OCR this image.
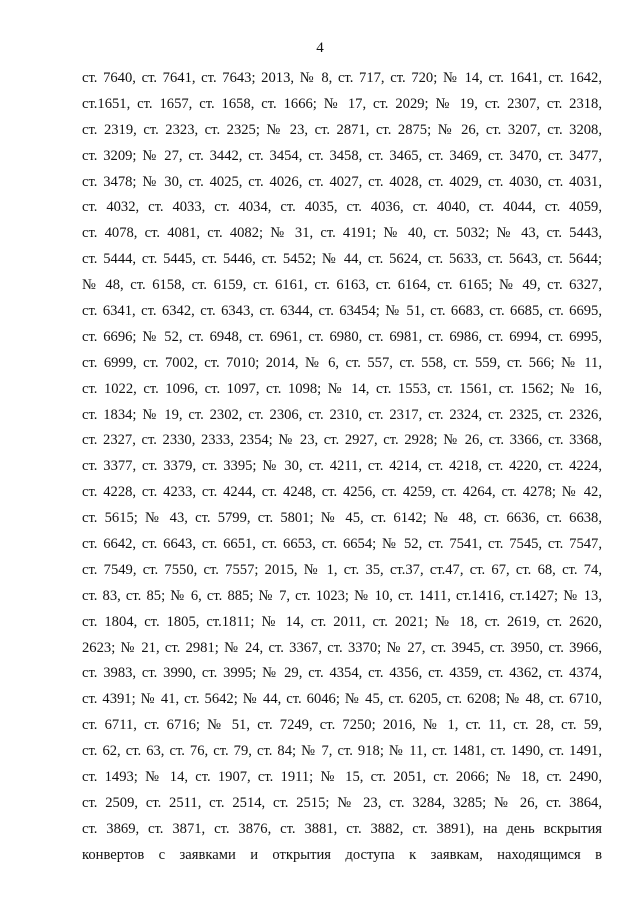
4
ст. 7640, ст. 7641, ст. 7643; 2013, № 8, ст. 717, ст. 720; № 14, ст. 1641, ст. 1642,
ст.1651, ст. 1657, ст. 1658, ст. 1666; № 17, ст. 2029; № 19, ст. 2307, ст. 2318,
ст. 2319, ст. 2323, ст. 2325; № 23, ст. 2871, ст. 2875; № 26, ст. 3207, ст. 3208,
ст. 3209; № 27, ст. 3442, ст. 3454, ст. 3458, ст. 3465, ст. 3469, ст. 3470, ст. 3477,
ст. 3478; № 30, ст. 4025, ст. 4026, ст. 4027, ст. 4028, ст. 4029, ст. 4030, ст. 4031,
ст. 4032, ст. 4033, ст. 4034, ст. 4035, ст. 4036, ст. 4040, ст. 4044, ст. 4059,
ст. 4078, ст. 4081, ст. 4082; № 31, ст. 4191; № 40, ст. 5032; № 43, ст. 5443,
ст. 5444, ст. 5445, ст. 5446, ст. 5452; № 44, ст. 5624, ст. 5633, ст. 5643, ст. 5644;
№ 48, ст. 6158, ст. 6159, ст. 6161, ст. 6163, ст. 6164, ст. 6165; № 49, ст. 6327,
ст. 6341, ст. 6342, ст. 6343, ст. 6344, ст. 63454; № 51, ст. 6683, ст. 6685, ст. 6695,
ст. 6696; № 52, ст. 6948, ст. 6961, ст. 6980, ст. 6981, ст. 6986, ст. 6994, ст. 6995,
ст. 6999, ст. 7002, ст. 7010; 2014, № 6, ст. 557, ст. 558, ст. 559, ст. 566; № 11,
ст. 1022, ст. 1096, ст. 1097, ст. 1098; № 14, ст. 1553, ст. 1561, ст. 1562; № 16,
ст. 1834; № 19, ст. 2302, ст. 2306, ст. 2310, ст. 2317, ст. 2324, ст. 2325, ст. 2326,
ст. 2327, ст. 2330, 2333, 2354; № 23, ст. 2927, ст. 2928; № 26, ст. 3366, ст. 3368,
ст. 3377, ст. 3379, ст. 3395; № 30, ст. 4211, ст. 4214, ст. 4218, ст. 4220, ст. 4224,
ст. 4228, ст. 4233, ст. 4244, ст. 4248, ст. 4256, ст. 4259, ст. 4264, ст. 4278; № 42,
ст. 5615; № 43, ст. 5799, ст. 5801; № 45, ст. 6142; № 48, ст. 6636, ст. 6638,
ст. 6642, ст. 6643, ст. 6651, ст. 6653, ст. 6654; № 52, ст. 7541, ст. 7545, ст. 7547,
ст. 7549, ст. 7550, ст. 7557; 2015, № 1, ст. 35, ст.37, ст.47, ст. 67, ст. 68, ст. 74,
ст. 83, ст. 85; № 6, ст. 885; № 7, ст. 1023; № 10, ст. 1411, ст.1416, ст.1427; № 13,
ст. 1804, ст. 1805, ст.1811; № 14, ст. 2011, ст. 2021; № 18, ст. 2619, ст. 2620,
2623; № 21, ст. 2981; № 24, ст. 3367, ст. 3370; № 27, ст. 3945, ст. 3950, ст. 3966,
ст. 3983, ст. 3990, ст. 3995; № 29, ст. 4354, ст. 4356, ст. 4359, ст. 4362, ст. 4374,
ст. 4391; № 41, ст. 5642; № 44, ст. 6046; № 45, ст. 6205, ст. 6208; № 48, ст. 6710,
ст. 6711, ст. 6716; № 51, ст. 7249, ст. 7250; 2016, № 1, ст. 11, ст. 28, ст. 59,
ст. 62, ст. 63, ст. 76, ст. 79, ст. 84; № 7, ст. 918; № 11, ст. 1481, ст. 1490, ст. 1491,
ст. 1493; № 14, ст. 1907, ст. 1911; № 15, ст. 2051, ст. 2066; № 18, ст. 2490,
ст. 2509, ст. 2511, ст. 2514, ст. 2515; № 23, ст. 3284, 3285; № 26, ст. 3864,
ст. 3869, ст. 3871, ст. 3876, ст. 3881, ст. 3882, ст. 3891), на день вскрытия
конвертов с заявками и открытия доступа к заявкам, находящимся в
